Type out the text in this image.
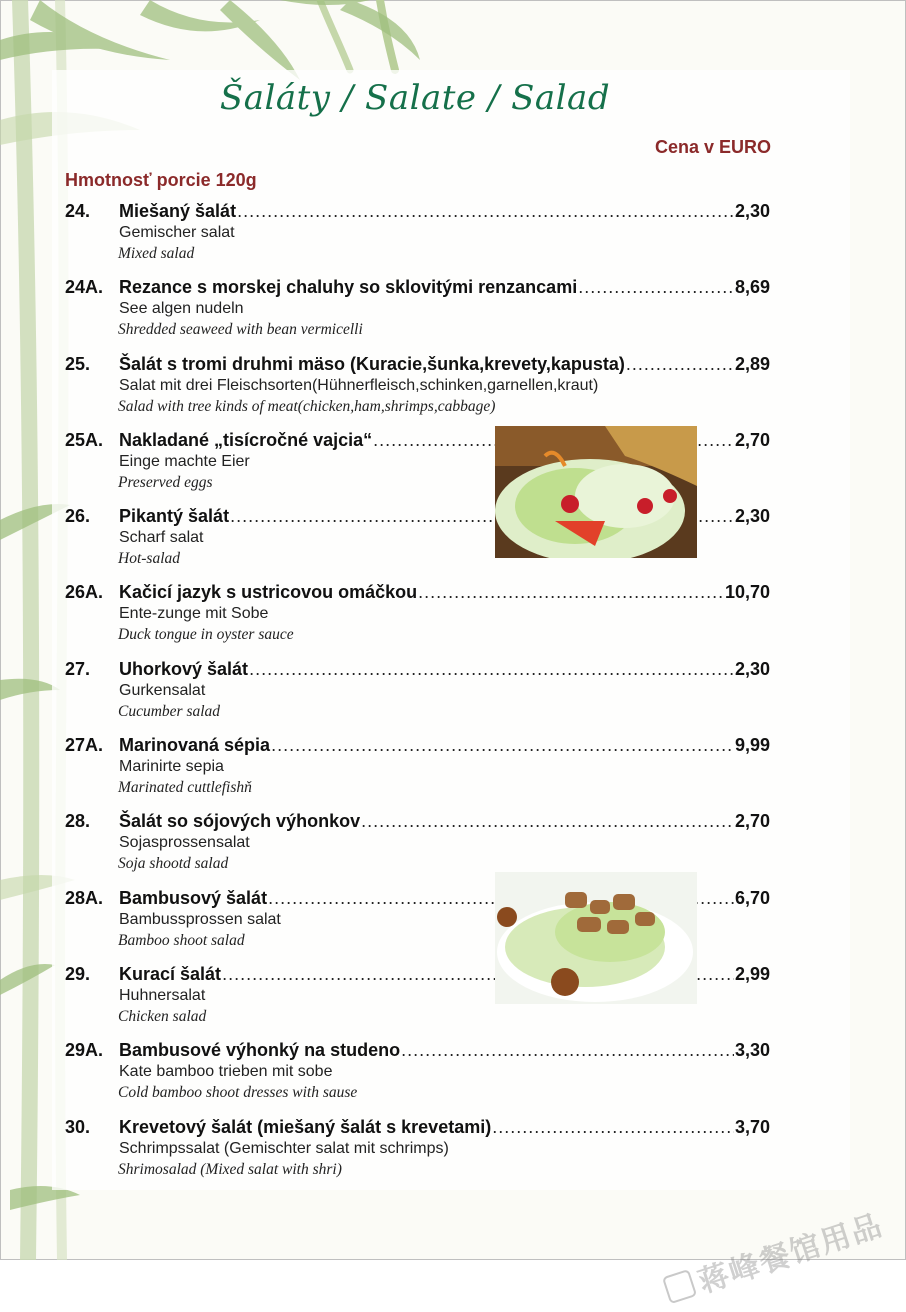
Šaláty / Salate / Salad
Cena v EURO
Hmotnosť porcie 120g
24.	Miešaný šalát .....	2,30
Gemischer salat
Mixed salad
24A. Rezance s morskej chaluhy so sklovitými renzancami .....	8,69
See algen nudeln
Shredded seaweed with bean vermicelli
25.	Šalát s tromi druhmi mäso (Kuracie,šunka,krevety,kapusta) .....	2,89
Salat mit drei Fleischsorten(Hühnerfleisch,schinken,garnellen,kraut)
Salad with tree kinds of meat(chicken,ham,shrimps,cabbage)
25A. Nakladané „tisícročné vajcia“ .....	2,70
Einge machte Eier
Preserved eggs
26.	Pikantý šalát .....	2,30
Scharf salat
Hot-salad
26A. Kačicí jazyk s ustricovou omáčkou .....	10,70
Ente-zunge mit Sobe
Duck tongue in oyster sauce
27.	Uhorkový šalát .....	2,30
Gurkensalat
Cucumber salad
27A. Marinovaná sépia .....	9,99
Marinirte sepia
Marinated cuttlefishň
28.	Šalát so sójových výhonkov .....	2,70
Sojasprossensalat
Soja shootd salad
28A. Bambusový šalát .....	6,70
Bambussprossen salat
Bamboo shoot salad
29.	Kurací šalát .....	2,99
Huhnersalat
Chicken salad
29A. Bambusové výhonký na studeno .....	3,30
Kate bamboo trieben mit sobe
Cold bamboo shoot dresses with sause
30.	Krevetový šalát (miešaný šalát s krevetami) .....	3,70
Schrimpssalat (Gemischter salat mit schrimps)
Shrimosalad (Mixed salat with shri)
蒋峰餐馆用品
